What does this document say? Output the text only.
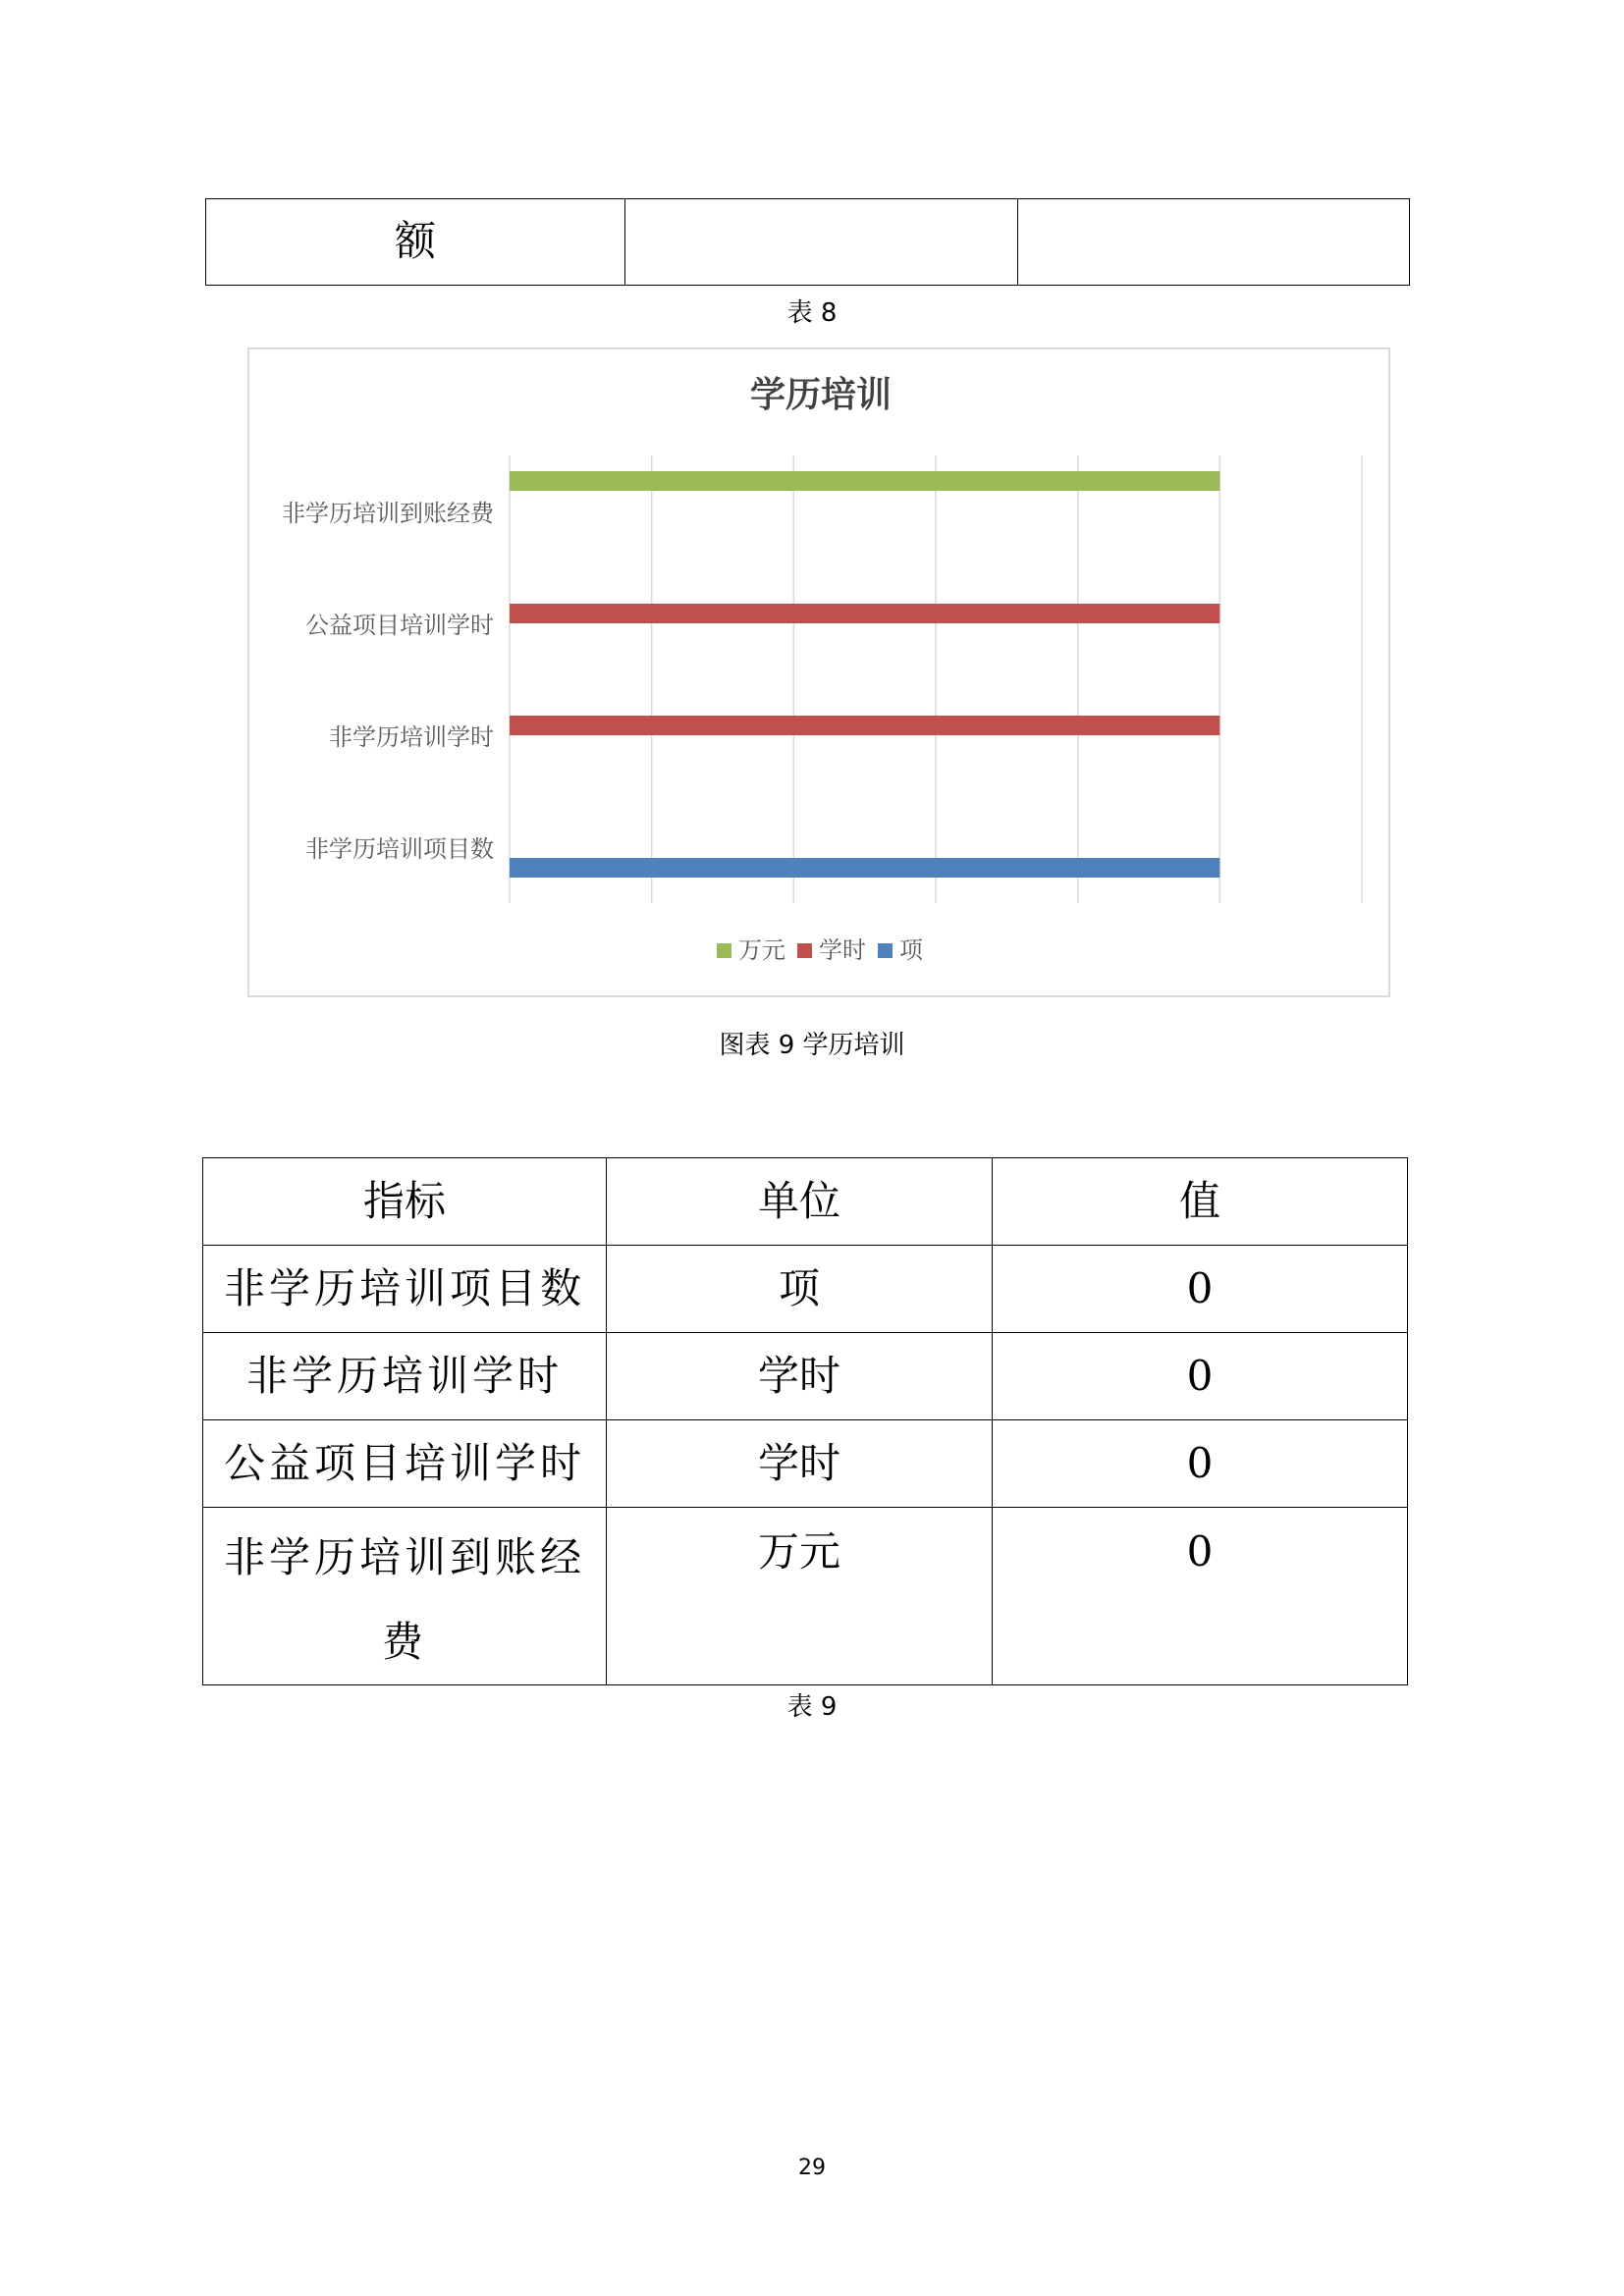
额		
表 8
学历培训
非学历培训项目数
非学历培训学时
公益项目培训学时
非学历培训到账经费
万元 学时 项
图表 9 学历培训
指标	单位	值
非学历培训项目数	项	0
非学历培训学时	学时	0
公益项目培训学时	学时	0
非学历培训到账经费	万元	0
表 9
29
